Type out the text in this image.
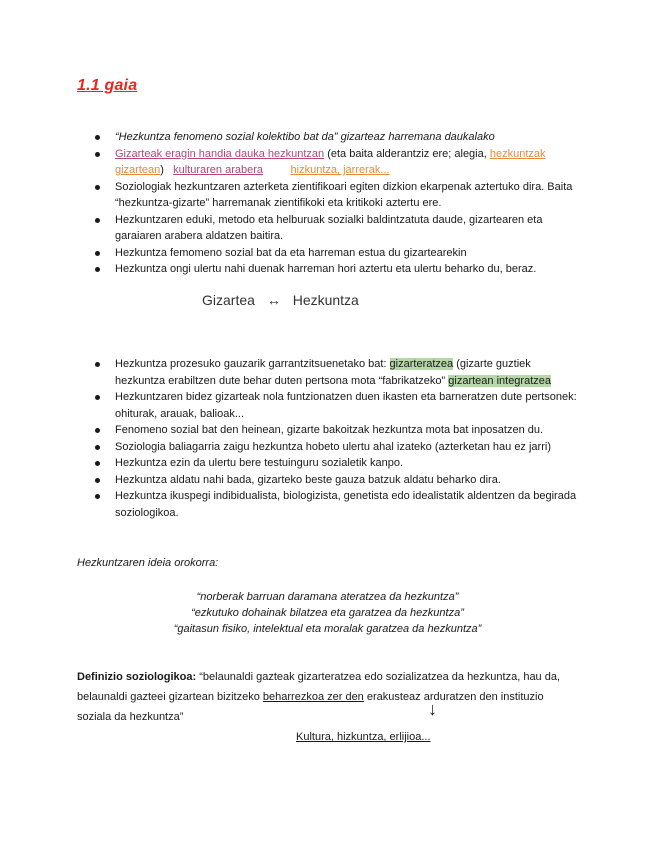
1.1 gaia
“Hezkuntza fenomeno sozial kolektibo bat da” gizarteaz harremana daukalako
Gizarteak eragin handia dauka hezkuntzan (eta baita alderantziz ere; alegia, hezkuntzak gizartean) kulturaren arabera	hizkuntza, jarrerak...
Soziologiak hezkuntzaren azterketa zientifikoari egiten dizkion ekarpenak aztertuko dira. Baita “hezkuntza-gizarte” harremanak zientifikoki eta kritikoki aztertu ere.
Hezkuntzaren eduki, metodo eta helburuak sozialki baldintzatuta daude, gizartearen eta garaiaren arabera aldatzen baitira.
Hezkuntza femomeno sozial bat da eta harreman estua du gizartearekin
Hezkuntza ongi ulertu nahi duenak harreman hori aztertu eta ulertu beharko du, beraz.
Gizartea ↔ Hezkuntza
Hezkuntza prozesuko gauzarik garrantzitsuenetako bat: gizarteratzea (gizarte guztiek hezkuntza erabiltzen dute behar duten pertsona mota “fabrikatzeko” gizartean integratzea
Hezkuntzaren bidez gizarteak nola funtzionatzen duen ikasten eta barneratzen dute pertsonek: ohiturak, arauak, balioak...
Fenomeno sozial bat den heinean, gizarte bakoitzak hezkuntza mota bat inposatzen du.
Soziologia baliagarria zaigu hezkuntza hobeto ulertu ahal izateko (azterketan hau ez jarri)
Hezkuntza ezin da ulertu bere testuinguru sozialetik kanpo.
Hezkuntza aldatu nahi bada, gizarteko beste gauza batzuk aldatu beharko dira.
Hezkuntza ikuspegi indibidualista, biologizista, genetista edo idealistatik aldentzen da begirada soziologikoa.
Hezkuntzaren ideia orokorra:
“norberak barruan daramana ateratzea da hezkuntza”
“ezkutuko dohainak bilatzea eta garatzea da hezkuntza”
“gaitasun fisiko, intelektual eta moralak garatzea da hezkuntza”
Definizio soziologikoa: “belaunaldi gazteak gizarteratzea edo sozializatzea da hezkuntza, hau da, belaunaldi gazteei gizartean bizitzeko beharrezkoa zer den erakusteaz arduratzen den instituzio soziala da hezkuntza”	↓
Kultura, hizkuntza, erlijioa...
